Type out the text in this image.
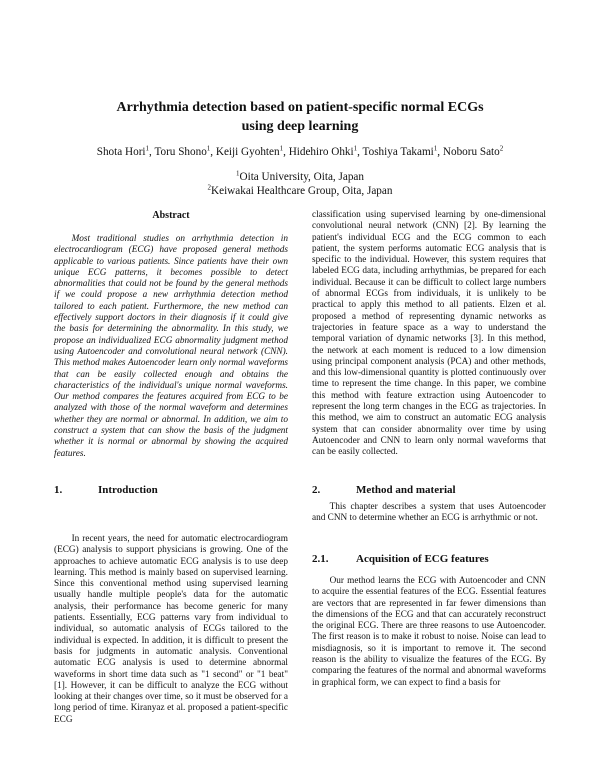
Arrhythmia detection based on patient-specific normal ECGs
using deep learning
Shota Hori$^1$, Toru Shono$^1$, Keiji Gyohten$^1$, Hidehiro Ohki$^1$, Toshiya Takami$^1$, Noboru Sato$^2$
$^1$Oita University, Oita, Japan
$^2$Keiwakai Healthcare Group, Oita, Japan
Abstract

Most traditional studies on arrhythmia detection in electrocardiogram (ECG) have proposed general methods applicable to various patients. Since patients have their own unique ECG patterns, it becomes possible to detect abnormalities that could not be found by the general methods if we could propose a new arrhythmia detection method tailored to each patient. Furthermore, the new method can effectively support doctors in their diagnosis if it could give the basis for determining the abnormality. In this study, we propose an individualized ECG abnormality judgment method using Autoencoder and convolutional neural network (CNN). This method makes Autoencoder learn only normal waveforms that can be easily collected enough and obtains the characteristics of the individual's unique normal waveforms. Our method compares the features acquired from ECG to be analyzed with those of the normal waveform and determines whether they are normal or abnormal. In addition, we aim to construct a system that can show the basis of the judgment whether it is normal or abnormal by showing the acquired features.

1.	Introduction

In recent years, the need for automatic electrocardiogram (ECG) analysis to support physicians is growing. One of the approaches to achieve automatic ECG analysis is to use deep learning. This method is mainly based on supervised learning. Since this conventional method using supervised learning usually handle multiple people's data for the automatic analysis, their performance has become generic for many patients. Essentially, ECG patterns vary from individual to individual, so automatic analysis of ECGs tailored to the individual is expected. In addition, it is difficult to present the basis for judgments in automatic analysis. Conventional automatic ECG analysis is used to determine abnormal waveforms in short time data such as "1 second" or "1 beat" [1]. However, it can be difficult to analyze the ECG without looking at their changes over time, so it must be observed for a long period of time. Kiranyaz et al. proposed a patient-specific ECG

classification using supervised learning by one-dimensional convolutional neural network (CNN) [2]. By learning the patient's individual ECG and the ECG common to each patient, the system performs automatic ECG analysis that is specific to the individual. However, this system requires that labeled ECG data, including arrhythmias, be prepared for each individual. Because it can be difficult to collect large numbers of abnormal ECGs from individuals, it is unlikely to be practical to apply this method to all patients. Elzen et al. proposed a method of representing dynamic networks as trajectories in feature space as a way to understand the temporal variation of dynamic networks [3]. In this method, the network at each moment is reduced to a low dimension using principal component analysis (PCA) and other methods, and this low-dimensional quantity is plotted continuously over time to represent the time change. In this paper, we combine this method with feature extraction using Autoencoder to represent the long term changes in the ECG as trajectories. In this method, we aim to construct an automatic ECG analysis system that can consider abnormality over time by using Autoencoder and CNN to learn only normal waveforms that can be easily collected.

2.	Method and material

This chapter describes a system that uses Autoencoder and CNN to determine whether an ECG is arrhythmic or not.

2.1.	Acquisition of ECG features

Our method learns the ECG with Autoencoder and CNN to acquire the essential features of the ECG. Essential features are vectors that are represented in far fewer dimensions than the dimensions of the ECG and that can accurately reconstruct the original ECG. There are three reasons to use Autoencoder. The first reason is to make it robust to noise. Noise can lead to misdiagnosis, so it is important to remove it. The second reason is the ability to visualize the features of the ECG. By comparing the features of the normal and abnormal waveforms in graphical form, we can expect to find a basis for
